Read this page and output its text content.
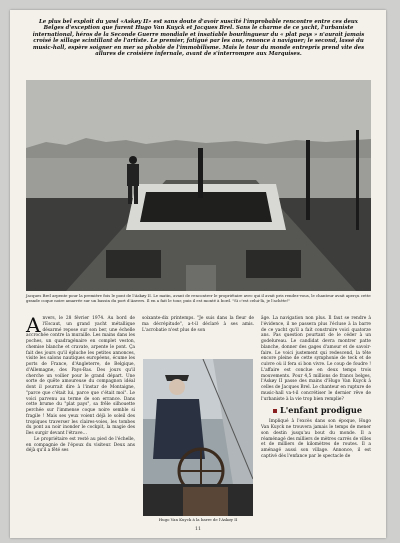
Le plus bel exploit du yawl «Askøy II» est sans doute d'avoir suscité l'improbable rencontre entre ces deux Belges d'exception que furent Hugo Van Kuyck et Jacques Brel. Sans le charme de ce yacht, l'urbaniste international, héros de la Seconde Guerre mondiale et insatiable bourlingueur du « plat pays » n'aurait jamais croisé le sillage scintillant de l'artiste. Le premier, fatigué par les ans, renonce à naviguer; le second, lassé du music-hall, espère soigner en mer sa phobie de l'immobilisme. Mais le tour du monde entrepris prend vite des allures de croisière infernale, avant de s'interrompre aux Marquises.

Jacques Brel arpente pour la première fois le pont de l'Askøy II. Le matin, avant de rencontrer le propriétaire avec qui il avait pris rendez-vous, le chanteur avait aperçu cette grande coque noire amarrée sur un bassin du port d'Anvers. Il en a fait le tour, puis il est monté à bord. "Si c'est celui-là, je l'achète!"

Anvers, le 28 février 1974. Au bord de l'Escaut, un grand yacht métallique désarmé repose sur son ber, une échelle accrochée contre la muraille. Les mains dans les poches, un quadragénaire en complet veston, chemise blanche et cravate, arpente le pont. Ça fait des jours qu'il épluche les petites annonces, visite les salons nautiques européens, écume les ports de France, d'Angleterre, de Belgique, d'Allemagne, des Pays-Bas. Des jours qu'il cherche un voilier pour le grand départ. Une sorte de quête amoureuse du compagnon idéal dont il pourrait dire à l'instar de Montaigne, "parce que c'était lui, parce que c'était moi". Le voici parvenu au terme de son errance. Dans cette brume du "plat pays", sa frêle silhouette perchée sur l'immense coque noire semble si fragile ! Mais ses yeux voient déjà le soleil des tropiques traverser les claires-voies, les tombes du pont au noir inonder le cockpit, la magie des îles surgir devant l'étrave…

Le propriétaire est resté au pied de l'échelle, en compagnie de l'époux du visiteur. Deux ans déjà qu'il a fêté ses

soixante-dix printemps. "Je suis dans la fleur de ma décrépitude", a-t-il déclaré à ses amis. L'acrobatie n'est plus de son

âge. La navigation non plus. Il faut se rendre à l'évidence, il ne passera plus l'écluse à la barre de ce yacht qu'il a fait construire voici quatorze ans. Pas question pourtant de le céder à un godelureau. Le candidat devra montrer patte blanche, donner des gages d'amour et de savoir-faire. Le voici justement qui redescend, la tête encore pleine de cette symphonie de teck et de cuivre où il fera si bon vivre. Le coup de foudre ! L'affaire est conclue en deux temps trois mouvements. Pour 4,5 millions de francs belges, l'Askøy II passe des mains d'Hugo Van Kuyck à celles de Jacques Brel. Le chanteur en rupture de music-hall va-t-il concrétiser le dernier rêve de l'urbaniste à la vie trop bien remplie?

L'enfant prodigue

Impliqué à l'excès dans son époque, Hugo Van Kuyck ne trouvera jamais le temps de mener son destin jusqu'au bout du monde. Il a réaménagé des milliers de mètres carrés de villes et de milliers de kilomètres de routes. Il a aménagé aussi son village. Annonce, il est captivé dès l'enfance par le spectacle de

Hugo Van Kuyck à la barre de l'Askøy II
11
